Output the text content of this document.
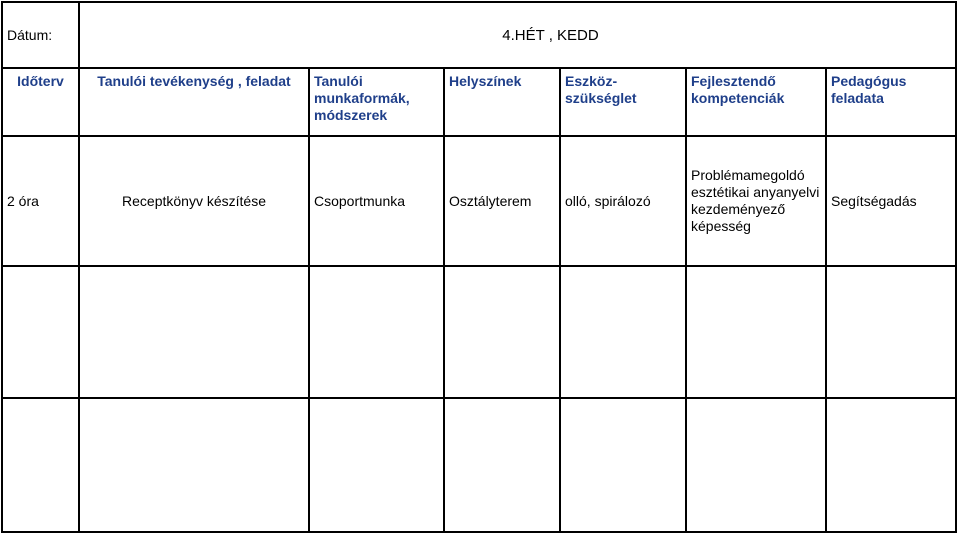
Dátum:	4.HÉT , KEDD					
Időterv	Tanulói tevékenység , feladat	Tanulói munkaformák, módszerek	Helyszínek	Eszköz-szükséglet	Fejlesztendő kompetenciák	Pedagógus feladata
2 óra	Receptkönyv készítése	Csoportmunka	Osztályterem	olló, spirálozó	Problémamegoldó esztétikai anyanyelvi kezdeményező képesség	Segítségadás
